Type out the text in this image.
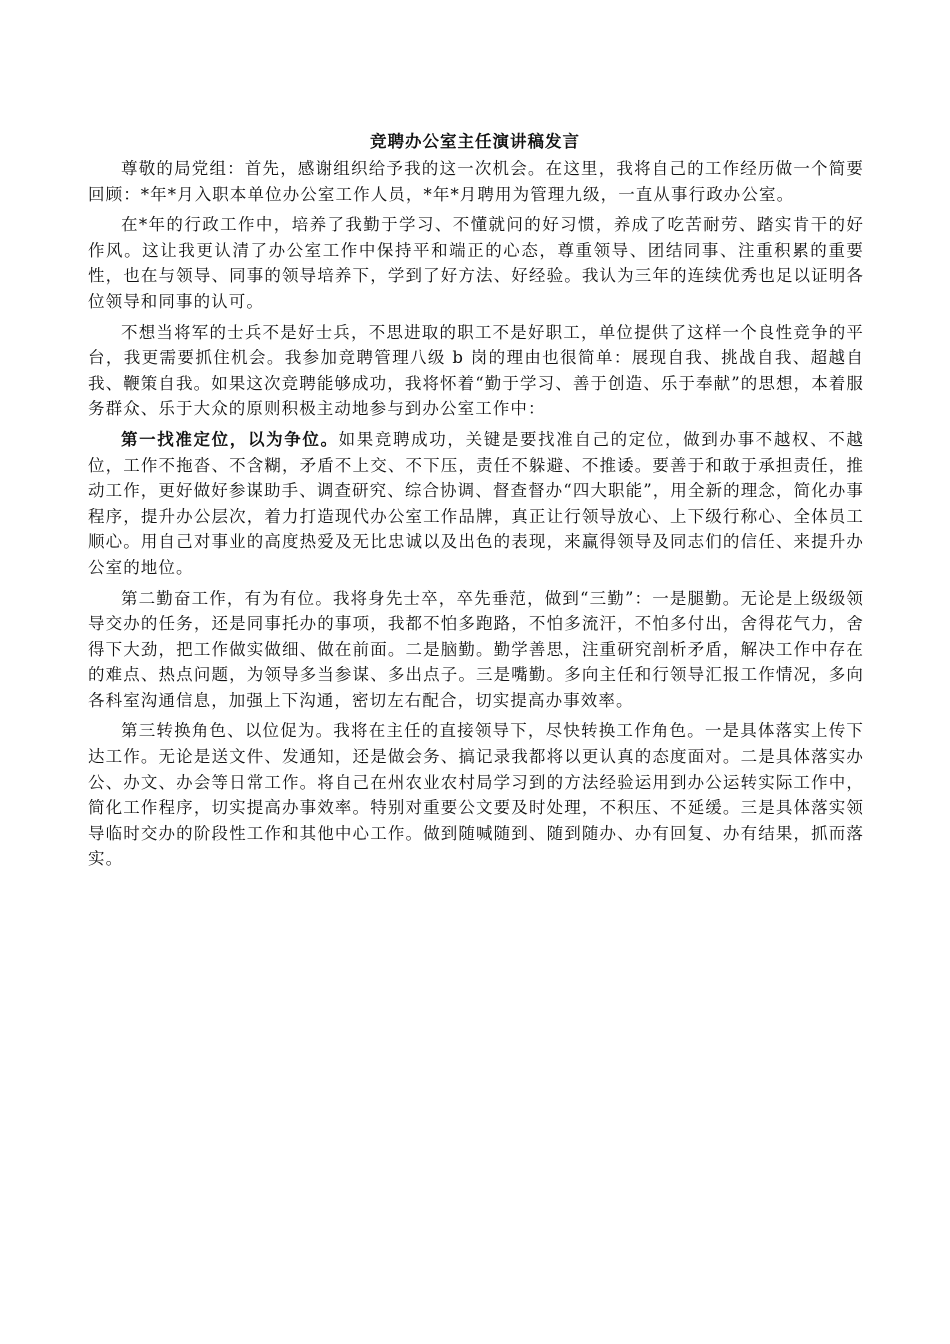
竞聘办公室主任演讲稿发言

尊敬的局党组：首先，感谢组织给予我的这一次机会。在这里，我将自己的工作经历做一个简要回顾：*年*月入职本单位办公室工作人员，*年*月聘用为管理九级，一直从事行政办公室。

在*年的行政工作中，培养了我勤于学习、不懂就问的好习惯，养成了吃苦耐劳、踏实肯干的好作风。这让我更认清了办公室工作中保持平和端正的心态，尊重领导、团结同事、注重积累的重要性，也在与领导、同事的领导培养下，学到了好方法、好经验。我认为三年的连续优秀也足以证明各位领导和同事的认可。

不想当将军的士兵不是好士兵，不思进取的职工不是好职工，单位提供了这样一个良性竞争的平台，我更需要抓住机会。我参加竞聘管理八级 b 岗的理由也很简单：展现自我、挑战自我、超越自我、鞭策自我。如果这次竞聘能够成功，我将怀着“勤于学习、善于创造、乐于奉献”的思想，本着服务群众、乐于大众的原则积极主动地参与到办公室工作中：

第一找准定位，以为争位。如果竞聘成功，关键是要找准自己的定位，做到办事不越权、不越位，工作不拖沓、不含糊，矛盾不上交、不下压，责任不躲避、不推诿。要善于和敢于承担责任，推动工作，更好做好参谋助手、调查研究、综合协调、督查督办“四大职能”，用全新的理念，简化办事程序，提升办公层次，着力打造现代办公室工作品牌，真正让行领导放心、上下级行称心、全体员工顺心。用自己对事业的高度热爱及无比忠诚以及出色的表现，来赢得领导及同志们的信任、来提升办公室的地位。

第二勤奋工作，有为有位。我将身先士卒，卒先垂范，做到“三勤”：一是腿勤。无论是上级级领导交办的任务，还是同事托办的事项，我都不怕多跑路，不怕多流汗，不怕多付出，舍得花气力，舍得下大劲，把工作做实做细、做在前面。二是脑勤。勤学善思，注重研究剖析矛盾，解决工作中存在的难点、热点问题，为领导多当参谋、多出点子。三是嘴勤。多向主任和行领导汇报工作情况，多向各科室沟通信息，加强上下沟通，密切左右配合，切实提高办事效率。

第三转换角色、以位促为。我将在主任的直接领导下，尽快转换工作角色。一是具体落实上传下达工作。无论是送文件、发通知，还是做会务、搞记录我都将以更认真的态度面对。二是具体落实办公、办文、办会等日常工作。将自己在州农业农村局学习到的方法经验运用到办公运转实际工作中，简化工作程序，切实提高办事效率。特别对重要公文要及时处理，不积压、不延缓。三是具体落实领导临时交办的阶段性工作和其他中心工作。做到随喊随到、随到随办、办有回复、办有结果，抓而落实。
